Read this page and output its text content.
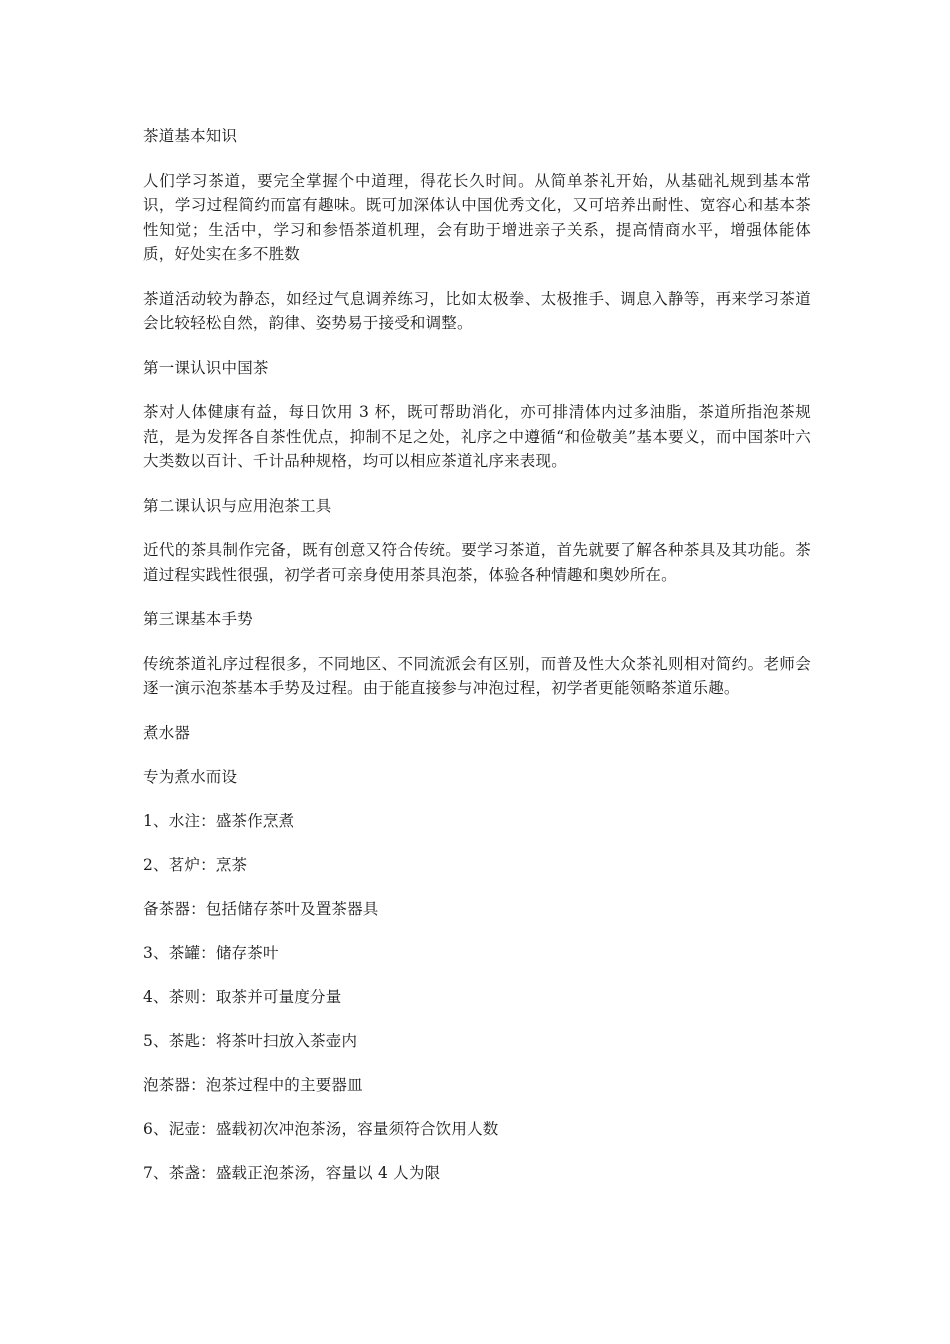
茶道基本知识

人们学习茶道，要完全掌握个中道理，得花长久时间。从简单茶礼开始，从基础礼规到基本常识，学习过程简约而富有趣味。既可加深体认中国优秀文化，又可培养出耐性、宽容心和基本茶性知觉；生活中，学习和参悟茶道机理，会有助于增进亲子关系，提高情商水平，增强体能体质，好处实在多不胜数

茶道活动较为静态，如经过气息调养练习，比如太极拳、太极推手、调息入静等，再来学习茶道会比较轻松自然，韵律、姿势易于接受和调整。

第一课认识中国茶

茶对人体健康有益，每日饮用 3 杯，既可帮助消化，亦可排清体内过多油脂，茶道所指泡茶规范，是为发挥各自茶性优点，抑制不足之处，礼序之中遵循“和俭敬美”基本要义，而中国茶叶六大类数以百计、千计品种规格，均可以相应茶道礼序来表现。

第二课认识与应用泡茶工具

近代的茶具制作完备，既有创意又符合传统。要学习茶道，首先就要了解各种茶具及其功能。茶道过程实践性很强，初学者可亲身使用茶具泡茶，体验各种情趣和奥妙所在。

第三课基本手势

传统茶道礼序过程很多，不同地区、不同流派会有区别，而普及性大众茶礼则相对简约。老师会逐一演示泡茶基本手势及过程。由于能直接参与冲泡过程，初学者更能领略茶道乐趣。

煮水器

专为煮水而设

1、水注：盛茶作烹煮

2、茗炉：烹茶

备茶器：包括储存茶叶及置茶器具

3、茶罐：储存茶叶

4、茶则：取茶并可量度分量

5、茶匙：将茶叶扫放入茶壶内

泡茶器：泡茶过程中的主要器皿

6、泥壶：盛载初次冲泡茶汤，容量须符合饮用人数

7、茶盏：盛载正泡茶汤，容量以 4 人为限
